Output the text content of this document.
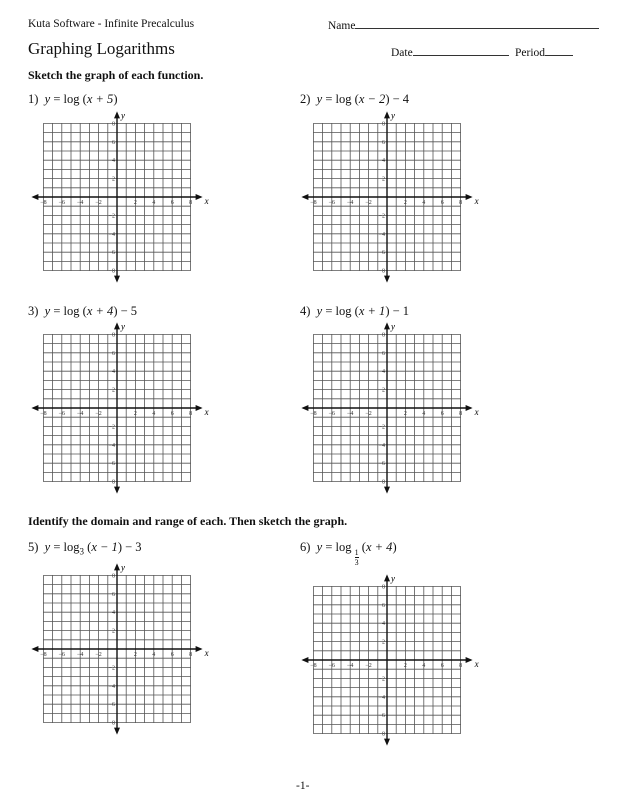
Kuta Software - Infinite Precalculus	Name
Graphing Logarithms	Date	Period
Sketch the graph of each function.
Identify the domain and range of each. Then sketch the graph.
1) y = log (x + 5)	2) y = log (x − 2) − 4
3) y = log (x + 4) − 5	4) y = log (x + 1) − 1
5) $y = \log_3 (x - 1) - 3$	6) y = log
$\frac{1}{3}$
(x + 4)
x
y
−8 −6 −4 −2	2	4	6	8
8
6
4
2
−2
−4
−6
−8
x
y
−8 −6 −4 −2	2	4	6	8
8
6
4
2
−2
−4
−6
−8
x
y
−8 −6 −4 −2	2	4	6	8
8
6
4
2
−2
−4
−6
−8
x
y
−8 −6 −4 −2	2	4	6	8
8
6
4
2
−2
−4
−6
−8
x
y
−8 −6 −4 −2	2	4	6	8
8
6
4
2
−2
−4
−6
−8
x
y
−8 −6 −4 −2	2	4	6	8
8
6
4
2
−2
−4
−6
−8
-1-
